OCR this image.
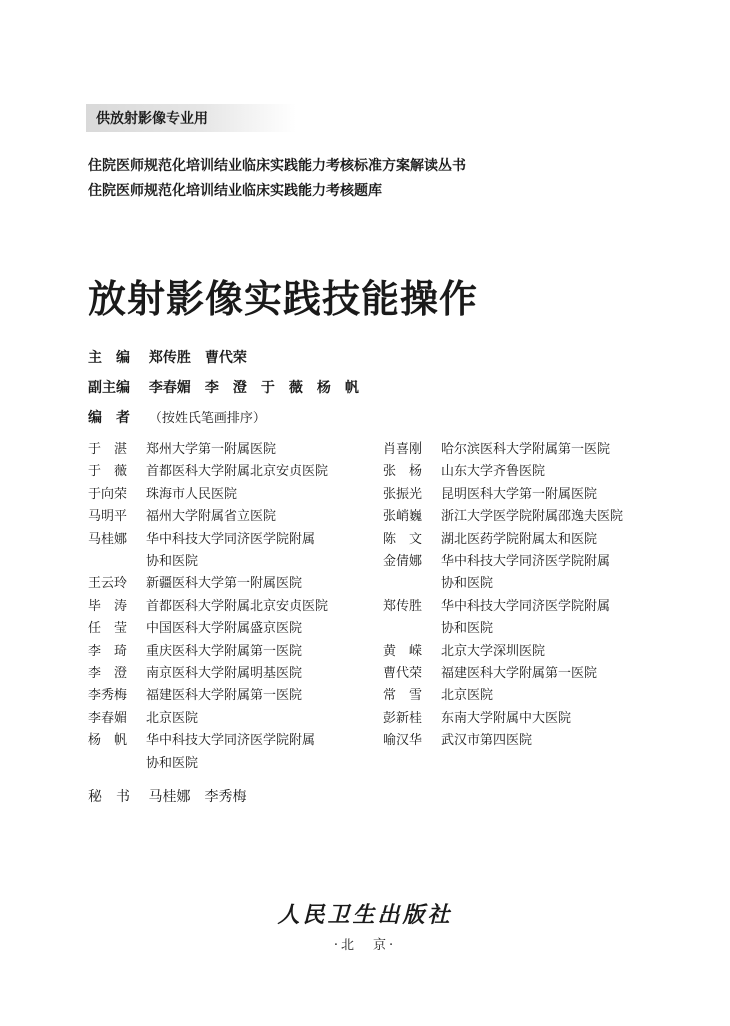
供放射影像专业用
住院医师规范化培训结业临床实践能力考核标准方案解读丛书
住院医师规范化培训结业临床实践能力考核题库
放射影像实践技能操作
主　编 郑传胜　曹代荣
副主编 李春媚　李　澄　于　薇　杨　帆
编　者 （按姓氏笔画排序）
于　湛	郑州大学第一附属医院
于　薇	首都医科大学附属北京安贞医院
于向荣	珠海市人民医院
马明平	福州大学附属省立医院
马桂娜	华中科技大学同济医学院附属
协和医院
王云玲	新疆医科大学第一附属医院
毕　涛	首都医科大学附属北京安贞医院
任　莹	中国医科大学附属盛京医院
李　琦	重庆医科大学附属第一医院
李　澄	南京医科大学附属明基医院
李秀梅	福建医科大学附属第一医院
李春媚	北京医院
杨　帆	华中科技大学同济医学院附属
协和医院
肖喜刚	哈尔滨医科大学附属第一医院
张　杨	山东大学齐鲁医院
张振光	昆明医科大学第一附属医院
张峭巍	浙江大学医学院附属邵逸夫医院
陈　文	湖北医药学院附属太和医院
金倩娜	华中科技大学同济医学院附属
协和医院
郑传胜	华中科技大学同济医学院附属
协和医院
黄　嵘	北京大学深圳医院
曹代荣	福建医科大学附属第一医院
常　雪	北京医院
彭新桂	东南大学附属中大医院
喻汉华	武汉市第四医院
秘　书 马桂娜　李秀梅
人民卫生出版社
·北　京·
